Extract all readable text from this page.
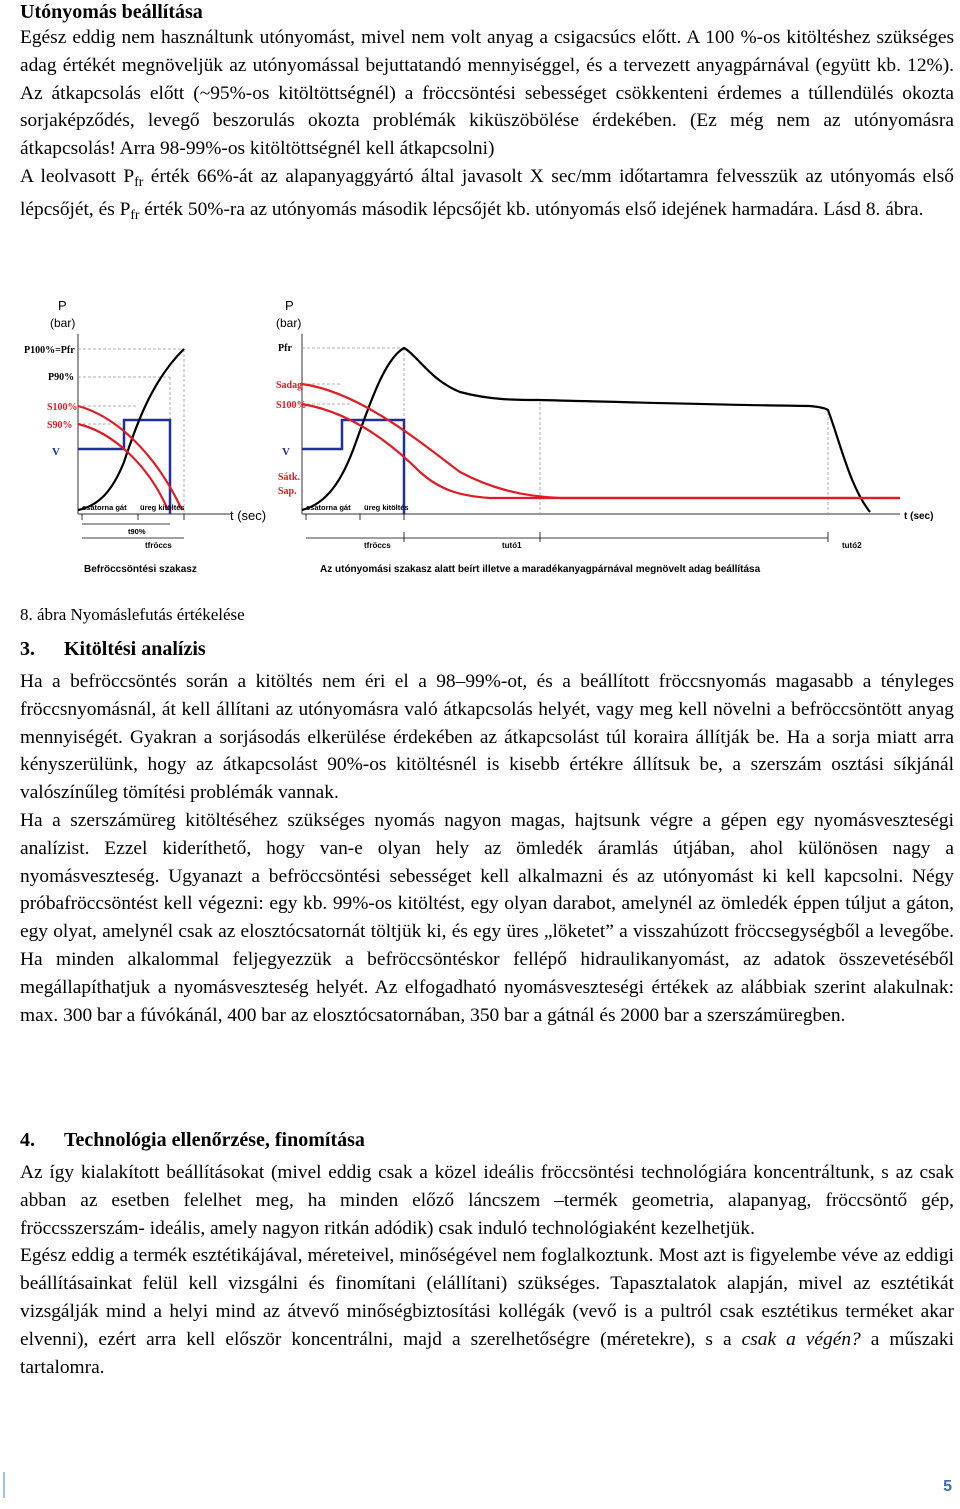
Utónyomás beállítása

Egész eddig nem használtunk utónyomást, mivel nem volt anyag a csigacsúcs előtt. A 100 %-os kitöltéshez szükséges adag értékét megnöveljük az utónyomással bejuttatandó mennyiséggel, és a tervezett anyagpárnával (együtt kb. 12%). Az átkapcsolás előtt (~95%-os kitöltöttségnél) a fröccsöntési sebességet csökkenteni érdemes a túllendülés okozta sorjaképződés, levegő beszorulás okozta problémák kiküszöbölése érdekében. (Ez még nem az utónyomásra átkapcsolás! Arra 98-99%-os kitöltöttségnél kell átkapcsolni)

A leolvasott $P_{fr}$ érték 66%-át az alapanyaggyártó által javasolt X sec/mm időtartamra felvesszük az utónyomás első lépcsőjét, és $P_{fr}$ érték 50%-ra az utónyomás második lépcsőjét kb. utónyomás első idejének harmadára. Lásd 8. ábra.

P
(bar)
P100%=Pfr
P90%
S100%
S90%
V
t (sec)
csatorna gát üreg kitöltés
t90%
tfröccs
Befröccsöntési szakasz
P
(bar)
Pfr
Sadag
S100%
V
Sátk.
Sap.
t (sec)
csatorna gát üreg kitöltés
tfröccs	tutó1	tutó2
Az utónyomási szakasz alatt beírt illetve a maradékanyagpárnával megnövelt adag beállítása
8. ábra Nyomáslefutás értékelése
3. Kitöltési analízis

Ha a befröccsöntés során a kitöltés nem éri el a 98–99%-ot, és a beállított fröccsnyomás magasabb a tényleges fröccsnyomásnál, át kell állítani az utónyomásra való átkapcsolás helyét, vagy meg kell növelni a befröccsöntött anyag mennyiségét. Gyakran a sorjásodás elkerülése érdekében az átkapcsolást túl koraira állítják be. Ha a sorja miatt arra kényszerülünk, hogy az átkapcsolást 90%-os kitöltésnél is kisebb értékre állítsuk be, a szerszám osztási síkjánál valószínűleg tömítési problémák vannak.

Ha a szerszámüreg kitöltéséhez szükséges nyomás nagyon magas, hajtsunk végre a gépen egy nyomásveszteségi analízist. Ezzel kideríthető, hogy van-e olyan hely az ömledék áramlás útjában, ahol különösen nagy a nyomásveszteség. Ugyanazt a befröccsöntési sebességet kell alkalmazni és az utónyomást ki kell kapcsolni. Négy próbafröccsöntést kell végezni: egy kb. 99%-os kitöltést, egy olyan darabot, amelynél az ömledék éppen túljut a gáton, egy olyat, amelynél csak az elosztócsatornát töltjük ki, és egy üres „löketet” a visszahúzott fröccsegységből a levegőbe. Ha minden alkalommal feljegyezzük a befröccsöntéskor fellépő hidraulikanyomást, az adatok összevetéséből megállapíthatjuk a nyomásveszteség helyét. Az elfogadható nyomásveszteségi értékek az alábbiak szerint alakulnak: max. 300 bar a fúvókánál, 400 bar az elosztócsatornában, 350 bar a gátnál és 2000 bar a szerszámüregben.

4. Technológia ellenőrzése, finomítása

Az így kialakított beállításokat (mivel eddig csak a közel ideális fröccsöntési technológiára koncentráltunk, s az csak abban az esetben felelhet meg, ha minden előző láncszem –termék geometria, alapanyag, fröccsöntő gép, fröccsszerszám- ideális, amely nagyon ritkán adódik) csak induló technológiaként kezelhetjük.

Egész eddig a termék esztétikájával, méreteivel, minőségével nem foglalkoztunk. Most azt is figyelembe véve az eddigi beállításainkat felül kell vizsgálni és finomítani (elállítani) szükséges. Tapasztalatok alapján, mivel az esztétikát vizsgálják mind a helyi mind az átvevő minőségbiztosítási kollégák (vevő is a pultról csak esztétikus terméket akar elvenni), ezért arra kell először koncentrálni, majd a szerelhetőségre (méretekre), s a csak a végén? a műszaki tartalomra.

5
